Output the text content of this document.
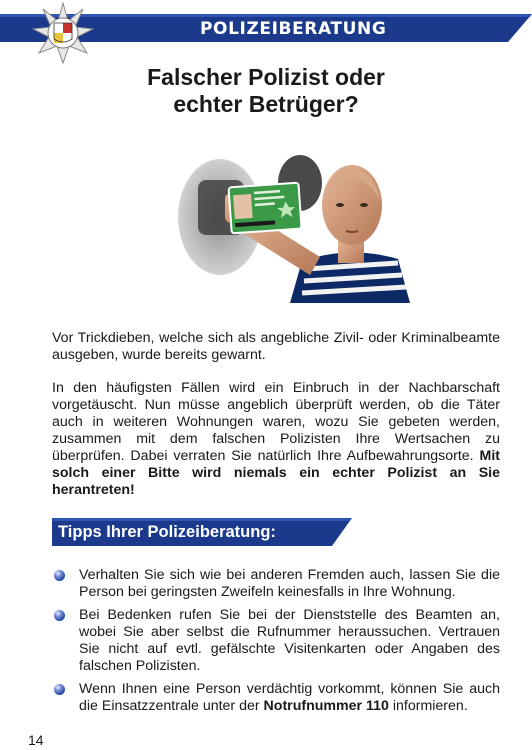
POLIZEIBERATUNG
Falscher Polizist oder
echter Betrüger?
Vor Trickdieben, welche sich als angebliche Zivil- oder Kriminalbeamte ausgeben, wurde bereits gewarnt.
In den häufigsten Fällen wird ein Einbruch in der Nachbarschaft vorgetäuscht. Nun müsse angeblich überprüft werden, ob die Täter auch in weiteren Wohnungen waren, wozu Sie gebeten werden, zusammen mit dem falschen Polizisten Ihre Wertsachen zu überprüfen. Dabei verraten Sie natürlich Ihre Aufbewahrungsorte. Mit solch einer Bitte wird niemals ein echter Polizist an Sie herantreten!
Tipps Ihrer Polizeiberatung:
Verhalten Sie sich wie bei anderen Fremden auch, lassen Sie die Person bei geringsten Zweifeln keinesfalls in Ihre Wohnung.
Bei Bedenken rufen Sie bei der Dienststelle des Beamten an, wobei Sie aber selbst die Rufnummer heraussuchen. Vertrauen Sie nicht auf evtl. gefälschte Visitenkarten oder Angaben des falschen Polizisten.
Wenn Ihnen eine Person verdächtig vorkommt, können Sie auch die Einsatzzentrale unter der Notrufnummer 110 informieren.
14
